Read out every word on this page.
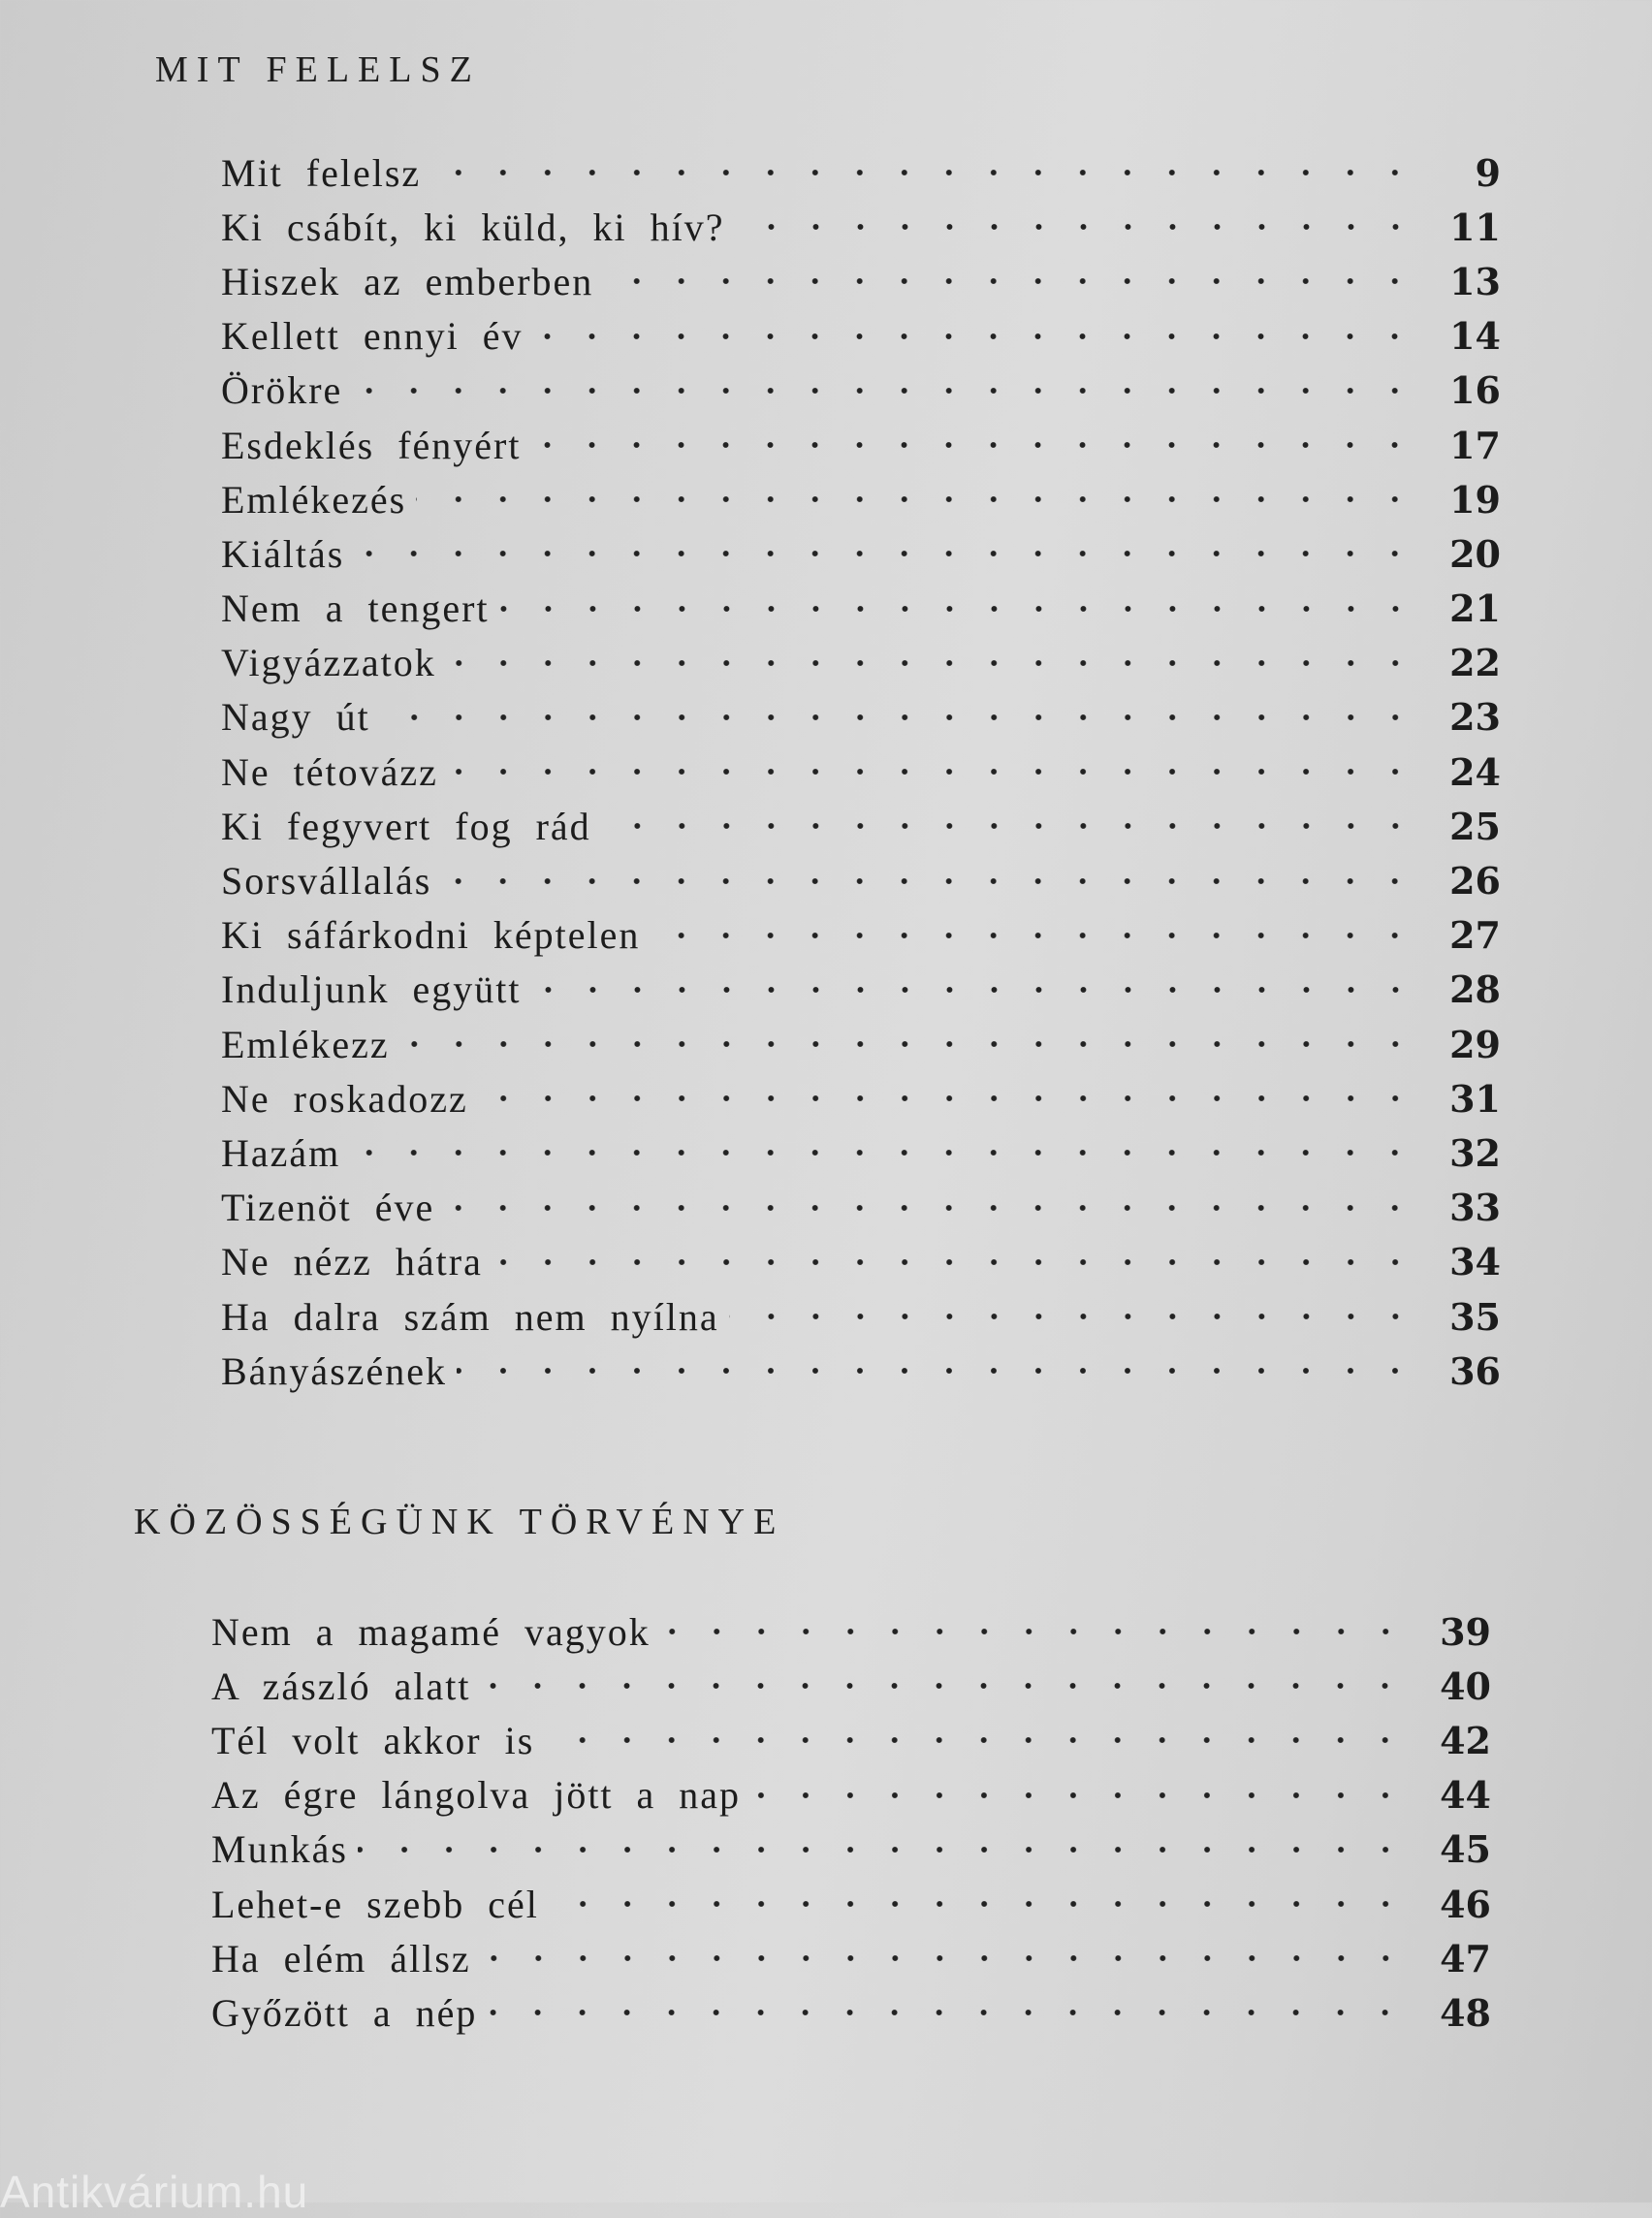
MIT FELELSZ
Mit felelsz	9
Ki csábít, ki küld, ki hív?	11
Hiszek az emberben	13
Kellett ennyi év	14
Örökre	16
Esdeklés fényért	17
Emlékezés	19
Kiáltás	20
Nem a tengert	21
Vigyázzatok	22
Nagy út	23
Ne tétovázz	24
Ki fegyvert fog rád	25
Sorsvállalás	26
Ki sáfárkodni képtelen	27
Induljunk együtt	28
Emlékezz	29
Ne roskadozz	31
Hazám	32
Tizenöt éve	33
Ne nézz hátra	34
Ha dalra szám nem nyílna	35
Bányászének	36
KÖZÖSSÉGÜNK TÖRVÉNYE
Nem a magamé vagyok	39
A zászló alatt	40
Tél volt akkor is	42
Az égre lángolva jött a nap	44
Munkás	45
Lehet-e szebb cél	46
Ha elém állsz	47
Győzött a nép	48
Antikvárium.hu
